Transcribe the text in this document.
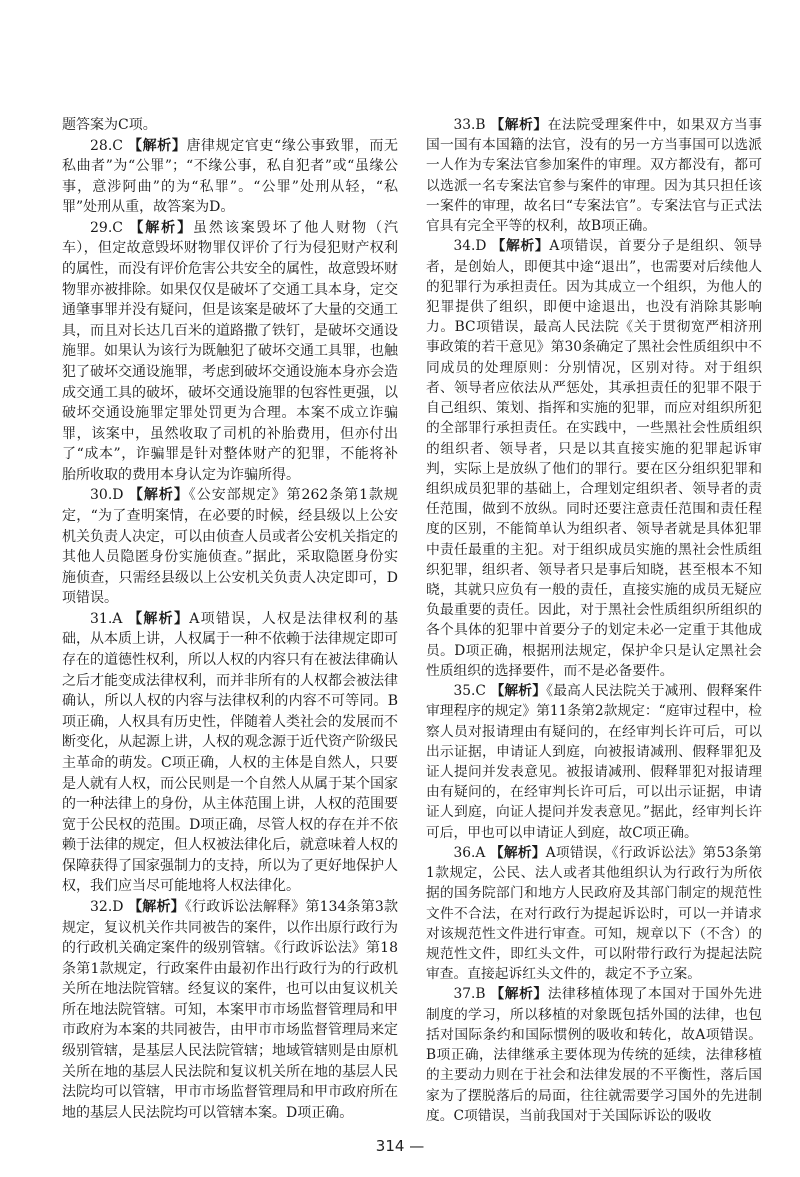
题答案为C项。

28.C 【解析】唐律规定官吏“缘公事致罪，而无私曲者”为“公罪”；“不缘公事，私自犯者”或“虽缘公事，意涉阿曲”的为“私罪”。“公罪”处刑从轻，“私罪”处刑从重，故答案为D。

29.C 【解析】虽然该案毁坏了他人财物（汽车），但定故意毁坏财物罪仅评价了行为侵犯财产权利的属性，而没有评价危害公共安全的属性，故意毁坏财物罪亦被排除。如果仅仅是破坏了交通工具本身，定交通肇事罪并没有疑问，但是该案是破坏了大量的交通工具，而且对长达几百米的道路撒了铁钉，是破坏交通设施罪。如果认为该行为既触犯了破坏交通工具罪，也触犯了破坏交通设施罪，考虑到破坏交通设施本身亦会造成交通工具的破坏，破坏交通设施罪的包容性更强，以破坏交通设施罪定罪处罚更为合理。本案不成立诈骗罪，该案中，虽然收取了司机的补胎费用，但亦付出了“成本”，诈骗罪是针对整体财产的犯罪，不能将补胎所收取的费用本身认定为诈骗所得。

30.D 【解析】《公安部规定》第262条第1款规定，“为了查明案情，在必要的时候，经县级以上公安机关负责人决定，可以由侦查人员或者公安机关指定的其他人员隐匿身份实施侦查。”据此，采取隐匿身份实施侦查，只需经县级以上公安机关负责人决定即可，D项错误。

31.A 【解析】A项错误，人权是法律权利的基础，从本质上讲，人权属于一种不依赖于法律规定即可存在的道德性权利，所以人权的内容只有在被法律确认之后才能变成法律权利，而并非所有的人权都会被法律确认，所以人权的内容与法律权利的内容不可等同。B项正确，人权具有历史性，伴随着人类社会的发展而不断变化，从起源上讲，人权的观念源于近代资产阶级民主革命的萌发。C项正确，人权的主体是自然人，只要是人就有人权，而公民则是一个自然人从属于某个国家的一种法律上的身份，从主体范围上讲，人权的范围要宽于公民权的范围。D项正确，尽管人权的存在并不依赖于法律的规定，但人权被法律化后，就意味着人权的保障获得了国家强制力的支持，所以为了更好地保护人权，我们应当尽可能地将人权法律化。

32.D 【解析】《行政诉讼法解释》第134条第3款规定，复议机关作共同被告的案件，以作出原行政行为的行政机关确定案件的级别管辖。《行政诉讼法》第18条第1款规定，行政案件由最初作出行政行为的行政机关所在地法院管辖。经复议的案件，也可以由复议机关所在地法院管辖。可知，本案甲市市场监督管理局和甲市政府为本案的共同被告，由甲市市场监督管理局来定级别管辖，是基层人民法院管辖；地域管辖则是由原机关所在地的基层人民法院和复议机关所在地的基层人民法院均可以管辖，甲市市场监督管理局和甲市政府所在地的基层人民法院均可以管辖本案。D项正确。

33.B 【解析】在法院受理案件中，如果双方当事国一国有本国籍的法官，没有的另一方当事国可以选派一人作为专案法官参加案件的审理。双方都没有，都可以选派一名专案法官参与案件的审理。因为其只担任该一案件的审理，故名曰“专案法官”。专案法官与正式法官具有完全平等的权利，故B项正确。

34.D 【解析】A项错误，首要分子是组织、领导者，是创始人，即便其中途“退出”，也需要对后续他人的犯罪行为承担责任。因为其成立一个组织，为他人的犯罪提供了组织，即便中途退出，也没有消除其影响力。BC项错误，最高人民法院《关于贯彻宽严相济刑事政策的若干意见》第30条确定了黑社会性质组织中不同成员的处理原则：分别情况，区别对待。对于组织者、领导者应依法从严惩处，其承担责任的犯罪不限于自己组织、策划、指挥和实施的犯罪，而应对组织所犯的全部罪行承担责任。在实践中，一些黑社会性质组织的组织者、领导者，只是以其直接实施的犯罪起诉审判，实际上是放纵了他们的罪行。要在区分组织犯罪和组织成员犯罪的基础上，合理划定组织者、领导者的责任范围，做到不放纵。同时还要注意责任范围和责任程度的区别，不能简单认为组织者、领导者就是具体犯罪中责任最重的主犯。对于组织成员实施的黑社会性质组织犯罪，组织者、领导者只是事后知晓，甚至根本不知晓，其就只应负有一般的责任，直接实施的成员无疑应负最重要的责任。因此，对于黑社会性质组织所组织的各个具体的犯罪中首要分子的划定未必一定重于其他成员。D项正确，根据刑法规定，保护伞只是认定黑社会性质组织的选择要件，而不是必备要件。

35.C 【解析】《最高人民法院关于减刑、假释案件审理程序的规定》第11条第2款规定：“庭审过程中，检察人员对报请理由有疑问的，在经审判长许可后，可以出示证据，申请证人到庭，向被报请减刑、假释罪犯及证人提问并发表意见。被报请减刑、假释罪犯对报请理由有疑问的，在经审判长许可后，可以出示证据，申请证人到庭，向证人提问并发表意见。”据此，经审判长许可后，甲也可以申请证人到庭，故C项正确。

36.A 【解析】A项错误，《行政诉讼法》第53条第1款规定，公民、法人或者其他组织认为行政行为所依据的国务院部门和地方人民政府及其部门制定的规范性文件不合法，在对行政行为提起诉讼时，可以一并请求对该规范性文件进行审查。可知，规章以下（不含）的规范性文件，即红头文件，可以附带行政行为提起法院审查。直接起诉红头文件的，裁定不予立案。

37.B 【解析】法律移植体现了本国对于国外先进制度的学习，所以移植的对象既包括外国的法律，也包括对国际条约和国际惯例的吸收和转化，故A项错误。B项正确，法律继承主要体现为传统的延续，法律移植的主要动力则在于社会和法律发展的不平衡性，落后国家为了摆脱落后的局面，往往就需要学习国外的先进制度。C项错误，当前我国对于关国际诉讼的吸收

314 —
